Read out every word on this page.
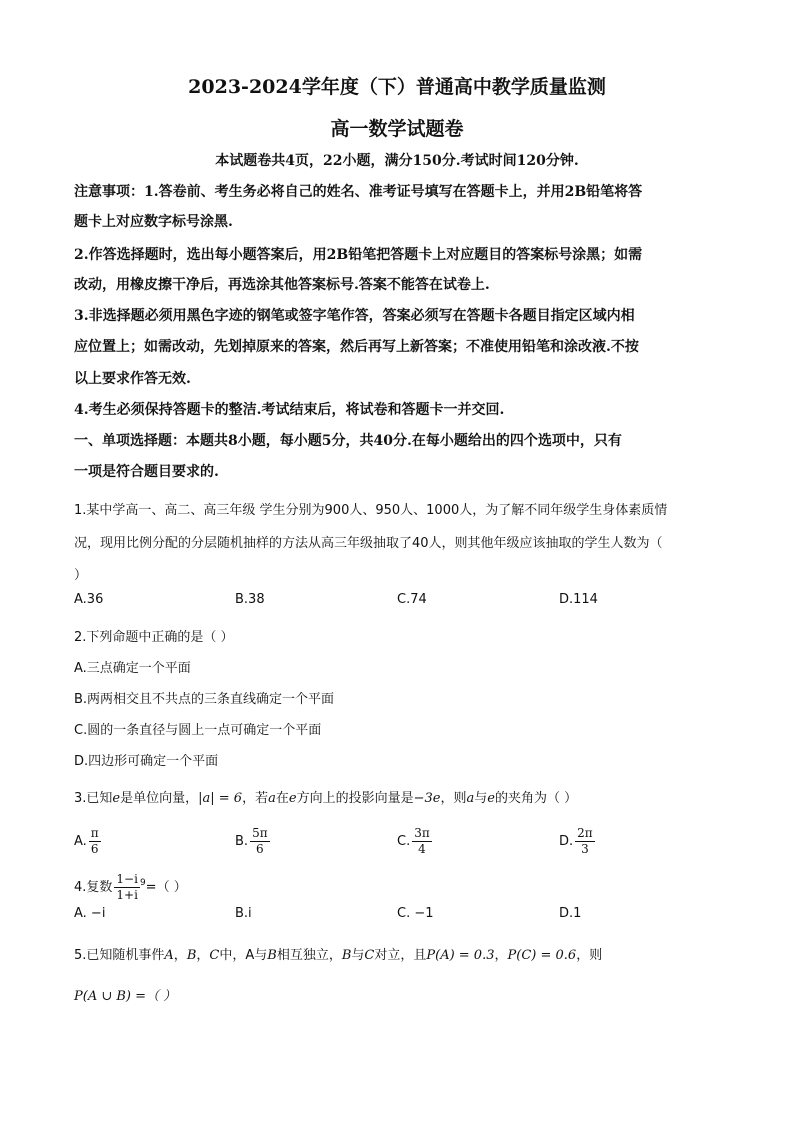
2023-2024学年度（下）普通高中教学质量监测
高一数学试题卷
本试题卷共4页，22小题，满分150分.考试时间120分钟.
注意事项：1.答卷前、考生务必将自己的姓名、准考证号填写在答题卡上，并用2B铅笔将答
题卡上对应数字标号涂黑.
2.作答选择题时，选出每小题答案后，用2B铅笔把答题卡上对应题目的答案标号涂黑；如需
改动，用橡皮擦干净后，再选涂其他答案标号.答案不能答在试卷上.
3.非选择题必须用黑色字迹的钢笔或签字笔作答，答案必须写在答题卡各题目指定区域内相
应位置上；如需改动，先划掉原来的答案，然后再写上新答案；不准使用铅笔和涂改液.不按
以上要求作答无效.
4.考生必须保持答题卡的整洁.考试结束后，将试卷和答题卡一并交回.
一、单项选择题：本题共8小题，每小题5分，共40分.在每小题给出的四个选项中，只有
一项是符合题目要求的.
1.某中学高一、高二、高三年级 学生分别为900人、950人、1000人，为了解不同年级学生身体素质情
况，现用比例分配的分层随机抽样的方法从高三年级抽取了40人，则其他年级应该抽取的学生人数为（
）
A.36	B.38	C.74	D.114
2.下列命题中正确的是（ ）
A.三点确定一个平面
B.两两相交且不共点的三条直线确定一个平面
C.圆的一条直径与圆上一点可确定一个平面
D.四边形可确定一个平面
3.已知e是单位向量，|a| = 6，若a在e方向上的投影向量是−3e，则a与e的夹角为（ ）
A. $\frac{\pi}{6}$	B. $\frac{5\pi}{6}$	C. $\frac{3\pi}{4}$	D. $\frac{2\pi}{3}$
4.复数 $\frac{1-i}{1+i} ^9=$（ ）
A. −i	B.i	C. −1	D.1
5.已知随机事件A，B，C中，A与B相互独立，B与C对立，且P(A) = 0.3，P(C) = 0.6，则
P(A ∪ B) =（ ）
